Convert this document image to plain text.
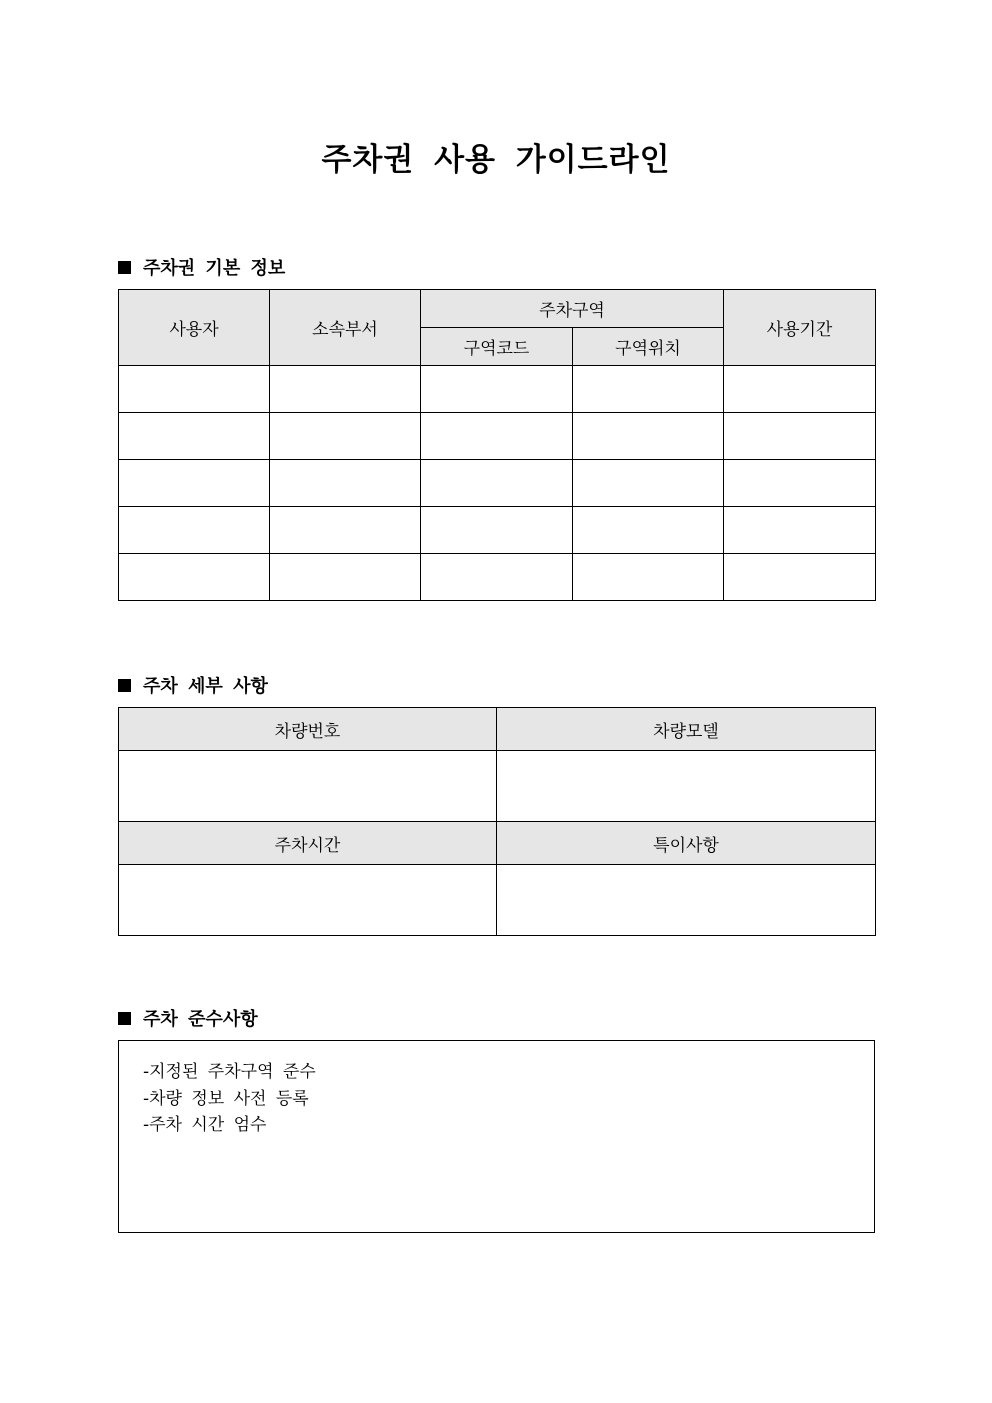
주차권 사용 가이드라인
주차권 기본 정보
사용자	소속부서	주차구역		사용기간
		구역코드	구역위치	

주차 세부 사항
차량번호	차량모델

주차시간	특이사항

주차 준수사항
-지정된 주차구역 준수
-차량 정보 사전 등록
-주차 시간 엄수
